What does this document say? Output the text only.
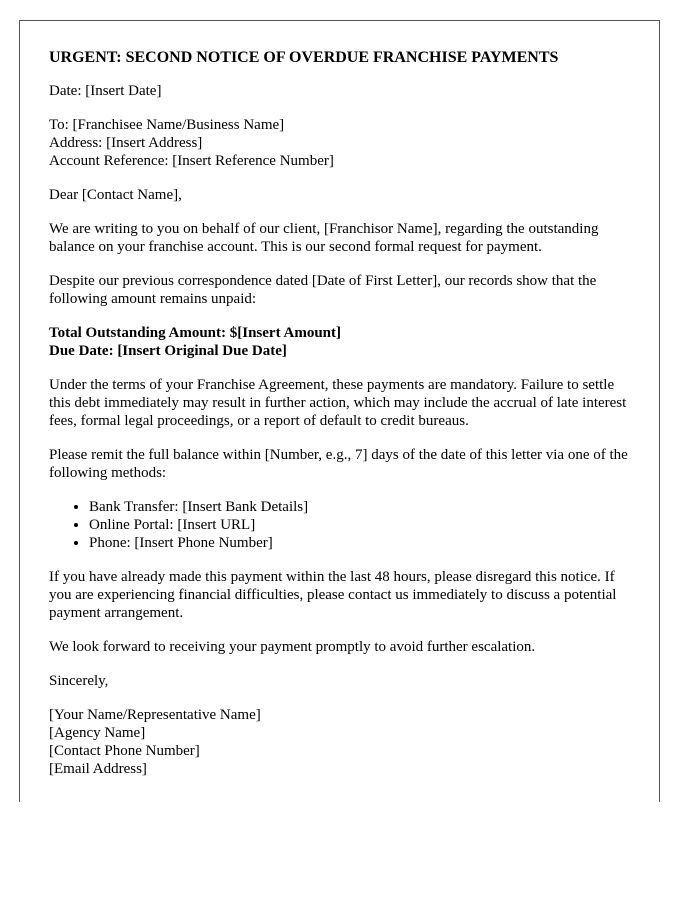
URGENT: SECOND NOTICE OF OVERDUE FRANCHISE PAYMENTS

Date: [Insert Date]

To: [Franchisee Name/Business Name]
Address: [Insert Address]
Account Reference: [Insert Reference Number]

Dear [Contact Name],

We are writing to you on behalf of our client, [Franchisor Name], regarding the outstanding balance on your franchise account. This is our second formal request for payment.

Despite our previous correspondence dated [Date of First Letter], our records show that the following amount remains unpaid:

Total Outstanding Amount: $[Insert Amount]
Due Date: [Insert Original Due Date]

Under the terms of your Franchise Agreement, these payments are mandatory. Failure to settle this debt immediately may result in further action, which may include the accrual of late interest fees, formal legal proceedings, or a report of default to credit bureaus.

Please remit the full balance within [Number, e.g., 7] days of the date of this letter via one of the following methods:

• Bank Transfer: [Insert Bank Details]
• Online Portal: [Insert URL]
• Phone: [Insert Phone Number]

If you have already made this payment within the last 48 hours, please disregard this notice. If you are experiencing financial difficulties, please contact us immediately to discuss a potential payment arrangement.

We look forward to receiving your payment promptly to avoid further escalation.

Sincerely,

[Your Name/Representative Name]
[Agency Name]
[Contact Phone Number]
[Email Address]
